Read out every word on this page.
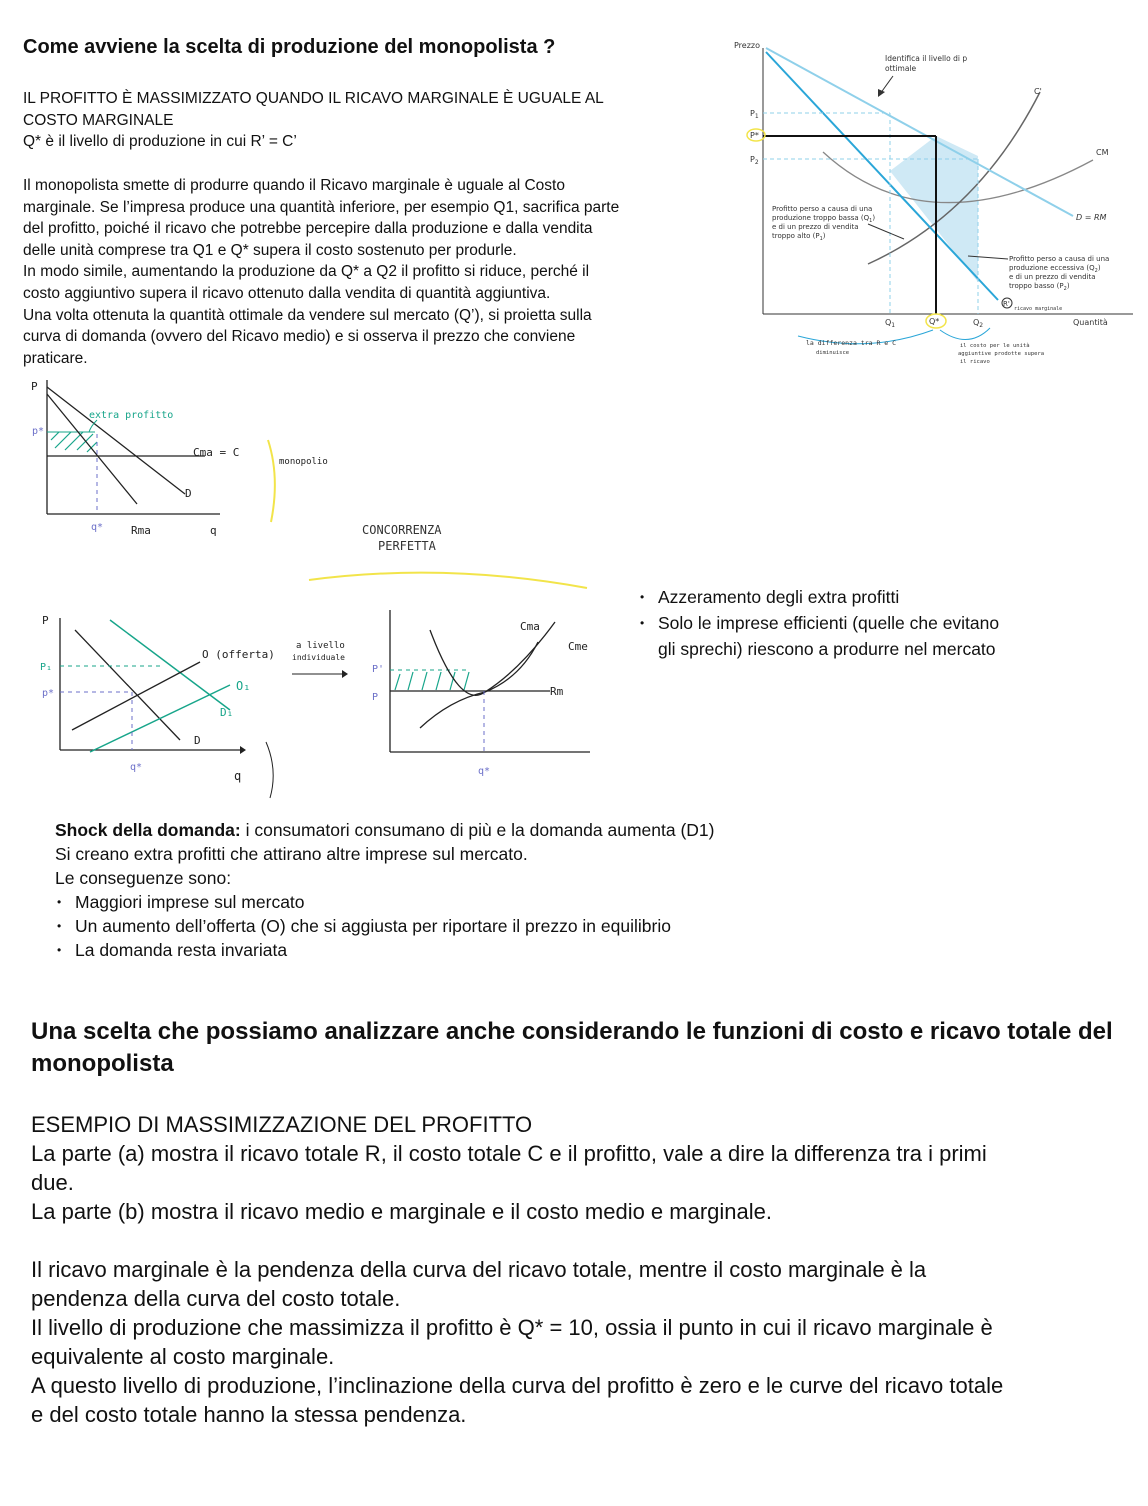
Come avviene la scelta di produzione del monopolista ?

IL PROFITTO È MASSIMIZZATO QUANDO IL RICAVO MARGINALE È UGUALE AL

COSTO MARGINALE

Q* è il livello di produzione in cui R’ = C’

Il monopolista smette di produrre quando il Ricavo marginale è uguale al Costo
marginale. Se l’impresa produce una quantità inferiore, per esempio Q1, sacrifica parte
del profitto, poiché il ricavo che potrebbe percepire dalla produzione e dalla vendita
delle unità comprese tra Q1 e Q* supera il costo sostenuto per produrle.
In modo simile, aumentando la produzione da Q* a Q2 il profitto si riduce, perché il
costo aggiuntivo supera il ricavo ottenuto dalla vendita di quantità aggiuntiva.
Una volta ottenuta la quantità ottimale da vendere sul mercato (Q’), si proietta sulla
curva di domanda (ovvero del Ricavo medio) e si osserva il prezzo che conviene
praticare.
Prezzo
Quantità
$P_1$
P*
$P_2$
$Q_1$	Q*	$Q_2$
C'
CM
D = RM
R'
ricavo marginale
Identifica il livello di p
ottimale
Profitto perso a causa di una
produzione troppo bassa $(Q_1)$
e di un prezzo di vendita
troppo alto $(P_1)$
Profitto perso a causa di una
produzione eccessiva $(Q_2)$
e di un prezzo di vendita
troppo basso $(P_2)$
la differenza tra R e C
diminuisce
il costo per le unità
aggiuntive prodotte supera
il ricavo
P
extra profitto
p*
Cma = C
D
q*	Rma	q
monopolio
CONCORRENZA
PERFETTA
P
P₁
p*
O (offerta)
O₁
D₁
D
q*
q
a livello
individuale
Cma
Cme
Rm
P'
P
q*
• Azzeramento degli extra profitti
• Solo le imprese efficienti (quelle che evitano
gli sprechi) riescono a produrre nel mercato
Shock della domanda: i consumatori consumano di più e la domanda aumenta (D1)
Si creano extra profitti che attirano altre imprese sul mercato.
Le conseguenze sono:
• Maggiori imprese sul mercato
• Un aumento dell’offerta (O) che si aggiusta per riportare il prezzo in equilibrio
• La domanda resta invariata
Una scelta che possiamo analizzare anche considerando le funzioni di costo e ricavo totale del monopolista

ESEMPIO DI MASSIMIZZAZIONE DEL PROFITTO

La parte (a) mostra il ricavo totale R, il costo totale C e il profitto, vale a dire la differenza tra i primi

due.

La parte (b) mostra il ricavo medio e marginale e il costo medio e marginale.

Il ricavo marginale è la pendenza della curva del ricavo totale, mentre il costo marginale è la

pendenza della curva del costo totale.

Il livello di produzione che massimizza il profitto è Q* = 10, ossia il punto in cui il ricavo marginale è

equivalente al costo marginale.

A questo livello di produzione, l’inclinazione della curva del profitto è zero e le curve del ricavo totale

e del costo totale hanno la stessa pendenza.
